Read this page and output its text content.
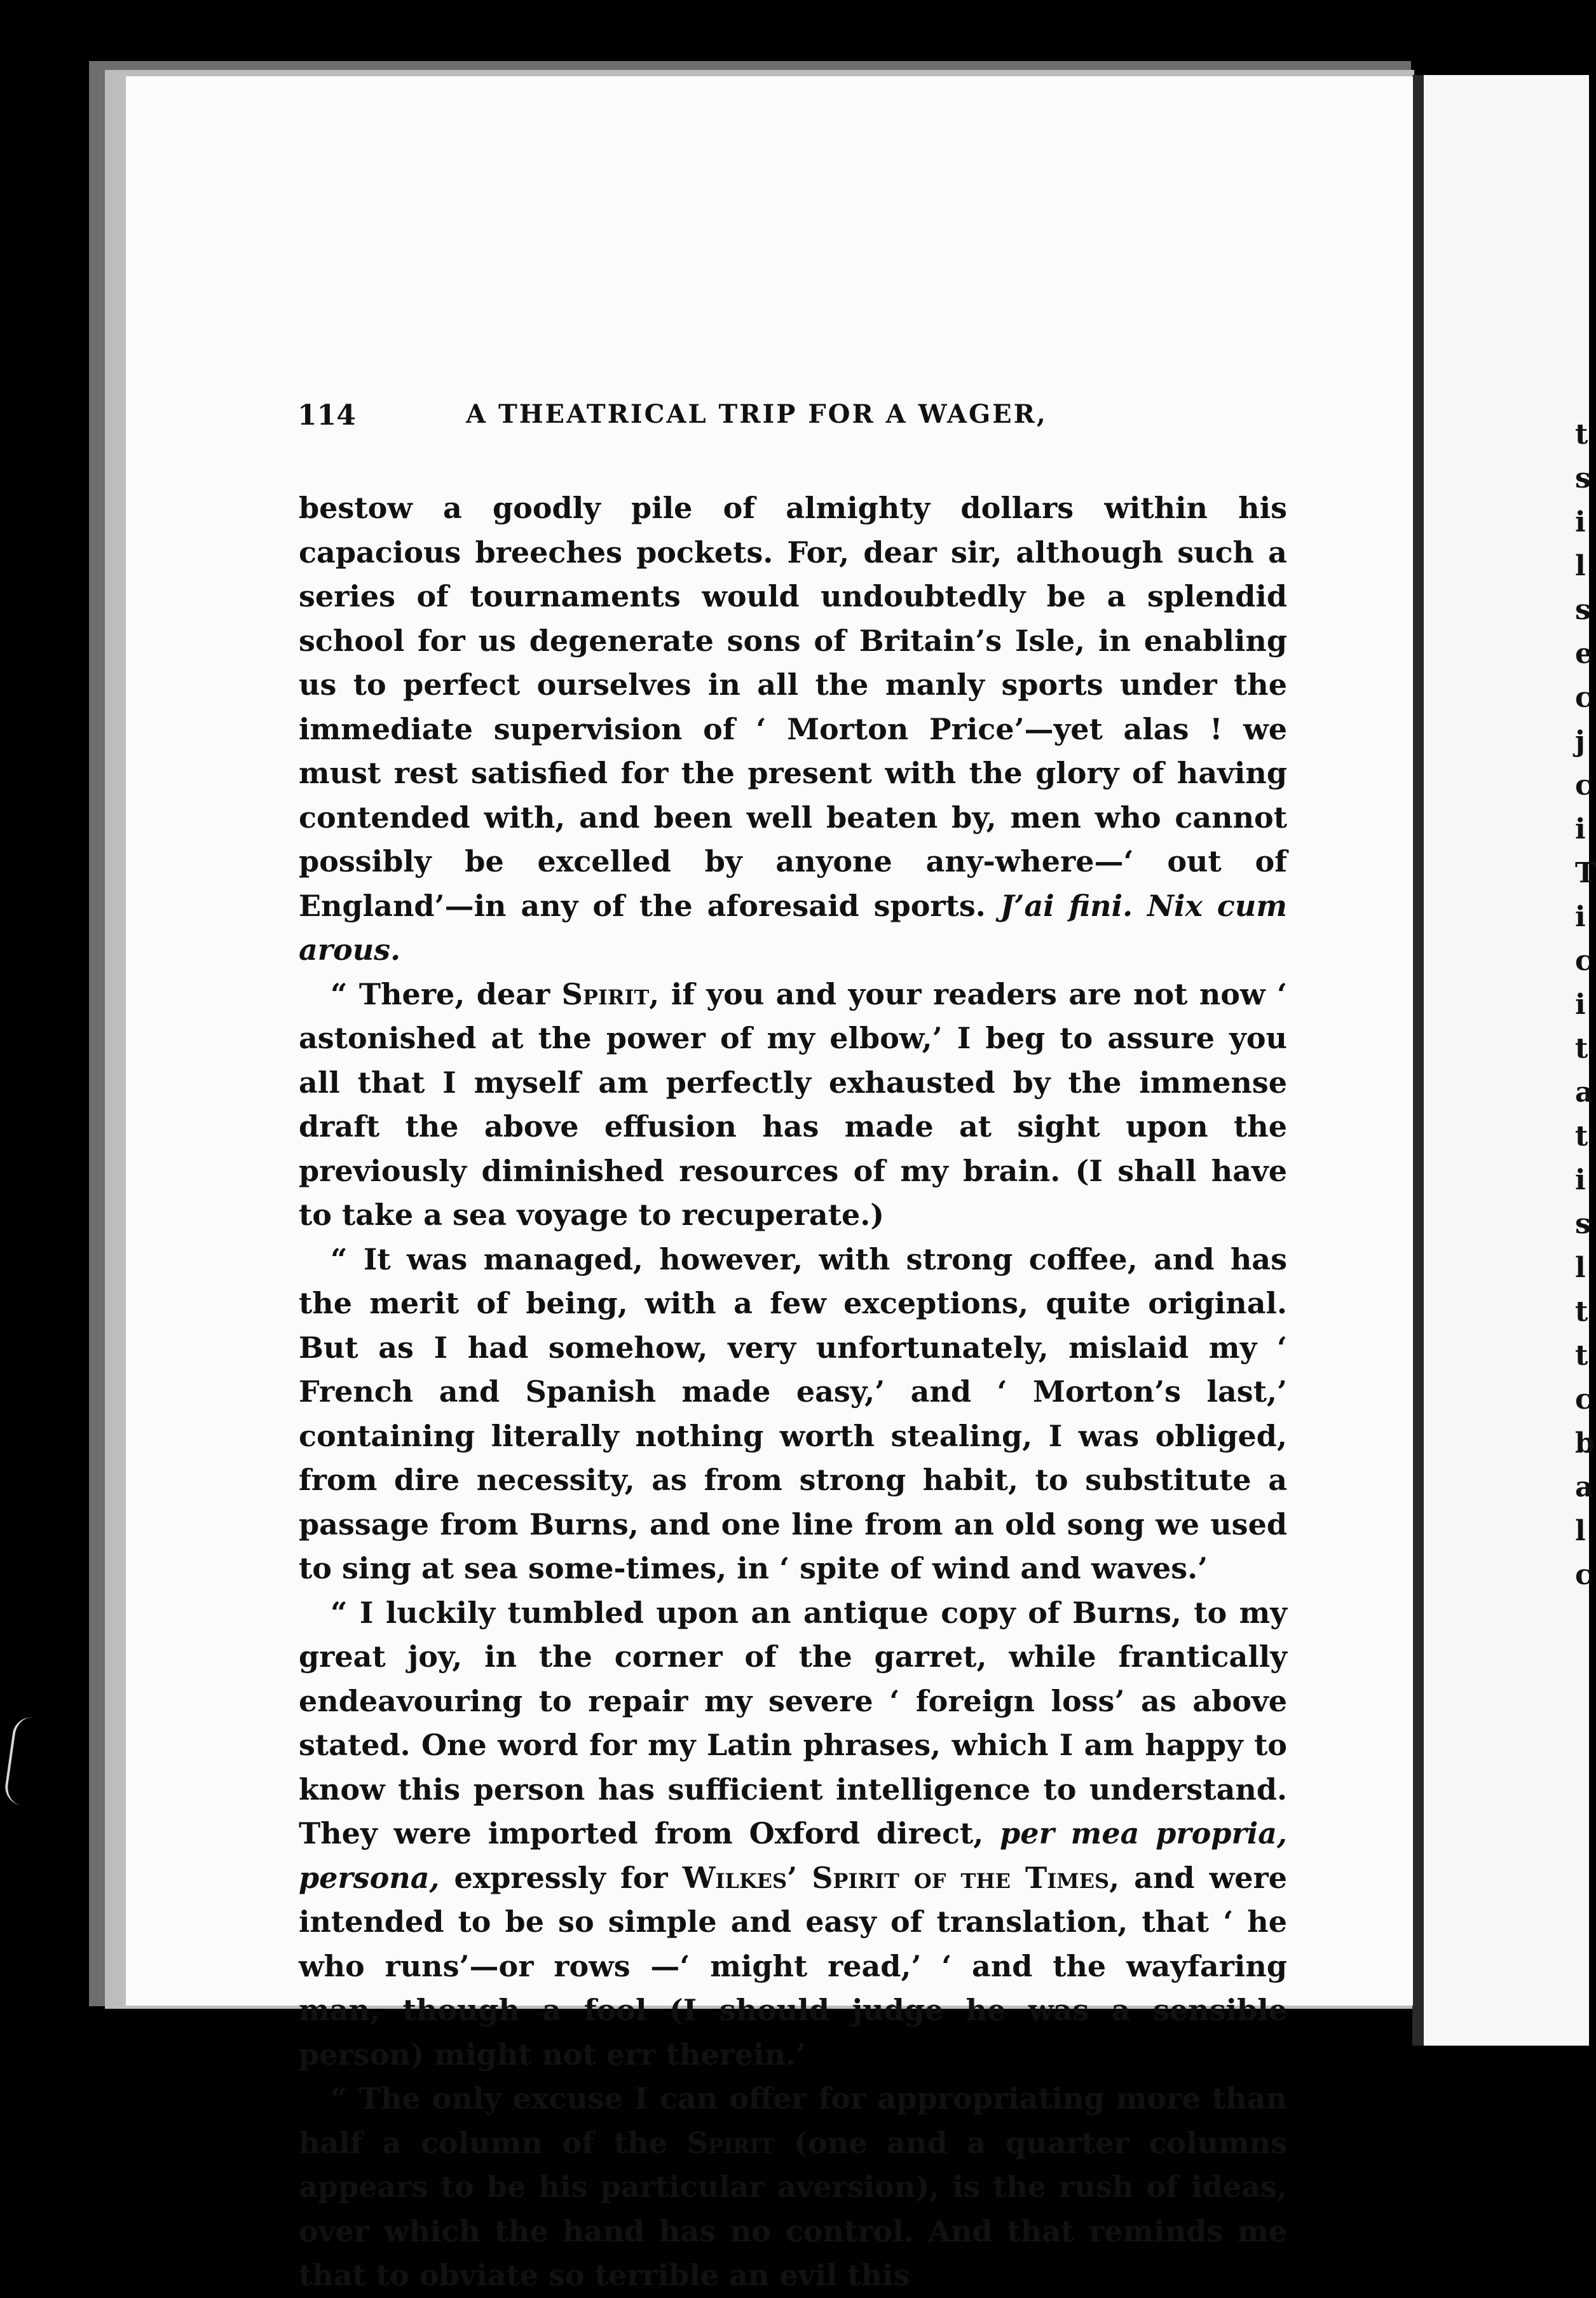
t
s
i
l
s
e
c
j
c
i
T
i
c
i
t
a
t
i
s
l
t
t
c
b
a
l
c
114	A THEATRICAL TRIP FOR A WAGER,

bestow a goodly pile of almighty dollars within his capacious breeches pockets. For, dear sir, although such a series of tournaments would undoubtedly be a splendid school for us degenerate sons of Britain’s Isle, in enabling us to perfect ourselves in all the manly sports under the immediate supervision of ‘ Morton Price’—yet alas ! we must rest satisfied for the present with the glory of having contended with, and been well beaten by, men who cannot possibly be excelled by anyone any-where—‘ out of England’—in any of the aforesaid sports. J’ai fini. Nix cum arous.

“ There, dear Spirit, if you and your readers are not now ‘ astonished at the power of my elbow,’ I beg to assure you all that I myself am perfectly exhausted by the immense draft the above effusion has made at sight upon the previously diminished resources of my brain. (I shall have to take a sea voyage to recuperate.)

“ It was managed, however, with strong coffee, and has the merit of being, with a few exceptions, quite original. But as I had somehow, very unfortunately, mislaid my ‘ French and Spanish made easy,’ and ‘ Morton’s last,’ containing literally nothing worth stealing, I was obliged, from dire necessity, as from strong habit, to substitute a passage from Burns, and one line from an old song we used to sing at sea some-times, in ‘ spite of wind and waves.’

“ I luckily tumbled upon an antique copy of Burns, to my great joy, in the corner of the garret, while frantically endeavouring to repair my severe ‘ foreign loss’ as above stated. One word for my Latin phrases, which I am happy to know this person has sufficient intelligence to understand. They were imported from Oxford direct, per mea propria, persona, expressly for Wilkes’ Spirit of the Times, and were intended to be so simple and easy of translation, that ‘ he who runs’—or rows —‘ might read,’ ‘ and the wayfaring man, though a fool (I should judge he was a sensible person) might not err therein.’

“ The only excuse I can offer for appropriating more than half a column of the Spirit (one and a quarter columns appears to be his particular aversion), is the rush of ideas, over which the hand has no control. And that reminds me that to obviate so terrible an evil this
